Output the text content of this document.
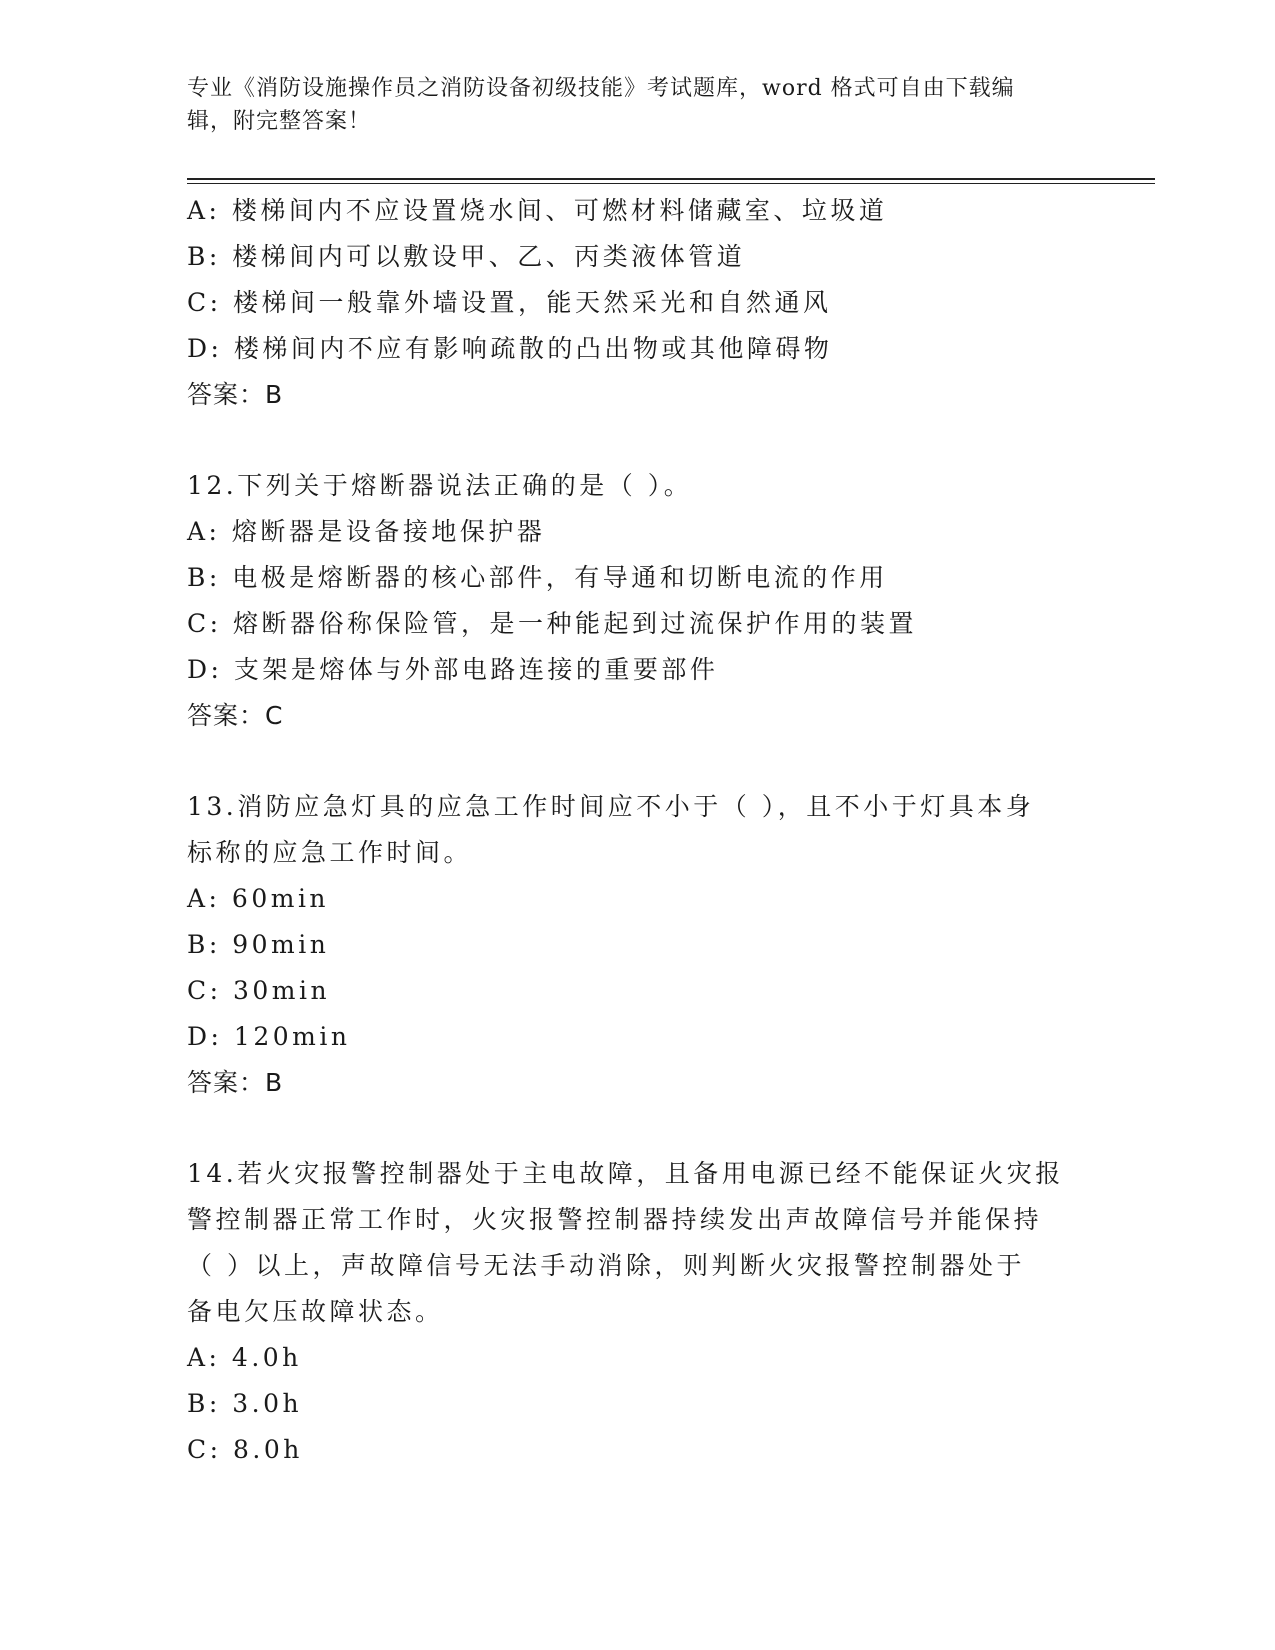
专业《消防设施操作员之消防设备初级技能》考试题库，word 格式可自由下载编
辑，附完整答案！
A: 楼梯间内不应设置烧水间、可燃材料储藏室、垃圾道
B: 楼梯间内可以敷设甲、乙、丙类液体管道
C: 楼梯间一般靠外墙设置，能天然采光和自然通风
D: 楼梯间内不应有影响疏散的凸出物或其他障碍物
答案：B
12.下列关于熔断器说法正确的是（ ）。
A: 熔断器是设备接地保护器
B: 电极是熔断器的核心部件，有导通和切断电流的作用
C: 熔断器俗称保险管，是一种能起到过流保护作用的装置
D: 支架是熔体与外部电路连接的重要部件
答案：C
13.消防应急灯具的应急工作时间应不小于（ ），且不小于灯具本身
标称的应急工作时间。
A: 60min
B: 90min
C: 30min
D: 120min
答案：B
14.若火灾报警控制器处于主电故障，且备用电源已经不能保证火灾报
警控制器正常工作时，火灾报警控制器持续发出声故障信号并能保持
（ ）以上，声故障信号无法手动消除，则判断火灾报警控制器处于
备电欠压故障状态。
A: 4.0h
B: 3.0h
C: 8.0h
